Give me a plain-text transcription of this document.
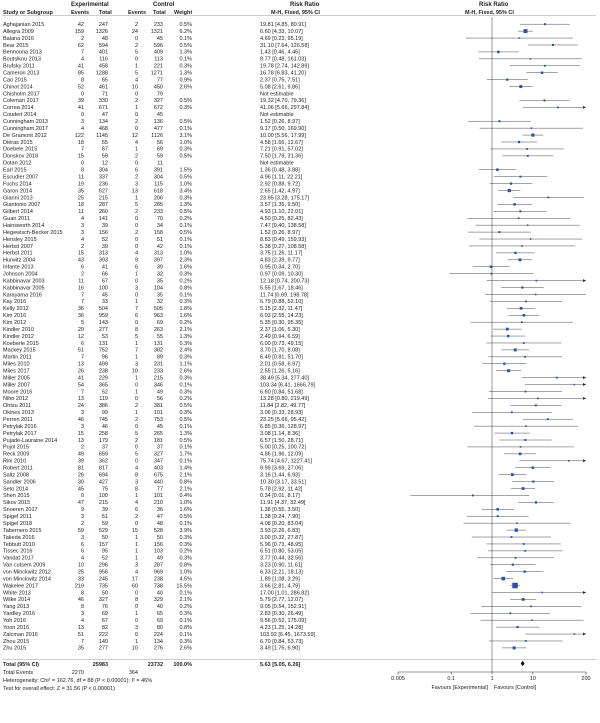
Experimental	Control	Risk Ratio	Risk Ratio
Study or Subgroup	Events Total	Events Total Weight	M-H, Fixed, 95% CI	M-H, Fixed, 95% CI
Aghajanian 2015	42	247	2	233	0.5%	19.81 [4.85, 80.91]
Allegra 2009	159 1326	24 1321	6.2%	6.60 [4.33, 10.07]
Balana 2016	2	48	0	45	0.1%	4.69 [0.23, 95.19]
Bear 2015	62	594	2	596	0.5%	31.10 [7.64, 126.58]
Bennouna 2013	7	401	5	409	1.3%	1.43 [0.46, 4.46]
Boutsikou 2013	4	116	0	113	0.1%	8.77 [0.48, 161.03]
Brufsky 2011	41	458	1	221	0.3%	19.78 [2.74, 142.89]
Cameron 2013	85 1288	5 1271	1.3%	16.78 [6.83, 41.20]
Cao 2015	8	65	4	77	0.9%	2.37 [0.75, 7.51]
Chinot 2014	52	461	10	450	2.6%	5.08 [2.61, 9.86]
Chisholm 2017	0	71	0	79	Not estimable
Coleman 2017	39	330	2	327	0.5%	19.32 [4.70, 79.36]
Correa 2014	41	671	1	672	0.3%	41.06 [5.66, 297.84]
Coudert 2014	0	47	0	45	Not estimable
Cunningham 2013	3	134	2	136	0.5%	1.52 [0.26, 8.97]
Cunningham 2017	4	468	0	477	0.1%	9.17 [0.50, 169.90]
De Gramont 2012	122 1145	12 1126	3.1%	10.00 [5.56, 17.99]
Diéras 2015	18	55	4	56	1.0%	4.58 [1.66, 12.67]
Doebele 2015	7	67	1	69	0.3%	7.21 [0.91, 57.02]
Donskov 2018	15	59	2	59	0.5%	7.50 [1.79, 31.36]
Dotan 2012	0	12	0	11	Not estimable
Earl 2015	8	304	6	391	1.5%	1.36 [0.48, 3.88]
Escudier 2007	11	337	2	304	0.5%	4.96 [1.11, 22.21]
Fuchs 2014	19	236	3	115	1.0%	2.92 [0.88, 9.72]
Garon 2014	35	627	13	618	3.4%	2.65 [1.42, 4.97]
Gianni 2013	25	215	1	206	0.3%	23.95 [3.28, 175.17]
Giantonio 2007	18	287	5	285	1.3%	3.57 [1.35, 9.50]
Gilbert 2014	11	260	2	233	0.5%	4.93 [1.10, 22.01]
Guan 2011	4	141	0	70	0.2%	4.50 [0.25, 82.43]
Hainsworth 2014	3	39	0	34	0.1%	7.47 [0.40, 138.58]
Hegewisch-Becker 2015	3	156	2	158	0.5%	1.52 [0.26, 8.97]
Hensley 2015	4	52	0	51	0.1%	8.83 [0.49, 159.93]
Herbst 2007	2	39	0	42	0.1%	5.38 [0.27, 108.58]
Herbst 2011	15	313	4	313	1.0%	3.75 [1.26, 11.17]
Hurwitz 2004	43	393	9	397	2.3%	4.83 [2.39, 9.77]
Infante 2013	6	41	6	39	1.6%	0.95 [0.34, 2.70]
Johnson 2004	2	66	1	32	0.3%	0.97 [0.09, 10.30]
Kabbinavar 2003	11	67	0	35	0.2%	12.18 [0.74, 200.73]
Kabbinavar 2005	16	100	3	104	0.8%	5.55 [1.67, 18.46]
Karayama 2016	7	45	0	35	0.1%	11.74 [0.69, 198.78]
Kay 2016	7	33	1	32	0.3%	6.79 [0.88, 52.10]
Kelly 2012	36	504	7	505	1.8%	5.15 [2.32, 11.47]
Kim 2016	36	959	6	963	1.6%	6.03 [2.55, 14.23]
Kim 2012	5	143	0	69	0.2%	5.35 [0.30, 95.35]
Kindler 2010	20	277	8	263	2.1%	2.37 [1.06, 5.30]
Kindler 2012	12	53	5	55	1.3%	2.49 [0.94, 6.59]
Koeberle 2015	6	131	1	131	0.3%	6.00 [0.73, 49.15]
Mackey 2015	51	752	7	382	2.4%	3.70 [1.70, 8.08]
Martin 2011	7	96	1	89	0.3%	6.49 [0.81, 51.70]
Miles 2010	13	499	3	231	1.1%	2.01 [0.58, 6.97]
Miles 2017	26	238	10	233	2.6%	2.55 [1.26, 5.16]
Miller 2005	41	229	1	215	0.3%	38.49 [5.34, 277.40]
Miller 2007	54	365	0	346	0.1%	103.34 [6.41, 1666.79]
Moore 2016	7	52	1	49	0.3%	6.60 [0.84, 51.68]
Niho 2012	13	119	0	56	0.2%	13.28 [0.80, 219.49]
Ohtsu 2011	24	386	2	381	0.5%	11.84 [2.82, 49.77]
Okines 2013	3	99	1	101	0.3%	3.06 [0.33, 28.93]
Perren 2011	46	745	2	753	0.5%	23.25 [5.66, 95.42]
Petrylak 2016	3	46	0	45	0.1%	6.85 [0.36, 128.97]
Petrylak 2017	15	258	5	265	1.3%	3.08 [1.14, 8.36]
Pujade-Lauraine 2014	13	179	2	181	0.5%	6.57 [1.50, 28.71]
Pujol 2015	2	37	0	37	0.1%	5.00 [0.25, 100.72]
Reck 2009	49	659	5	327	1.7%	4.86 [1.96, 12.09]
Rini 2010	39	362	0	347	0.1%	75.74 [4.67, 1227.41]
Robert 2011	81	817	4	403	1.4%	9.99 [3.69, 27.06]
Saltz 2008	26	694	8	675	2.1%	3.16 [1.44, 6.93]
Sandler 2006	30	427	3	440	0.8%	10.30 [3.17, 33.51]
Seto 2014	45	75	8	77	2.1%	5.78 [2.92, 11.42]
Shen 2015	0	100	1	101	0.4%	0.34 [0.01, 8.17]
Sikov 2015	47	215	4	210	1.0%	11.91 [4.37, 32.49]
Snoeren 2017	9	39	6	36	1.6%	1.38 [0.55, 3.50]
Spigel 2011	3	51	2	47	0.5%	1.38 [0.24, 7.90]
Spigel 2018	2	59	0	48	0.1%	4.08 [0.20, 83.04]
Tabernero 2015	59	529	15	528	3.9%	3.93 [2.26, 6.83]
Takeda 2016	3	50	1	50	0.3%	3.00 [0.32, 27.87]
Tebbutt 2010	6	157	1	156	0.3%	5.96 [0.73, 48.95]
Tissec 2016	6	95	1	103	0.2%	6.51 [0.80, 53.05]
Vandat 2017	4	52	1	49	0.3%	3.77 [0.44, 32.56]
Van cutsem 2009	10	296	3	287	0.8%	3.23 [0.90, 11.61]
von Minckwitz 2012	25	956	4	969	1.0%	6.33 [2.21, 18.13]
von Minckwitz 2014	33	245	17	238	4.5%	1.89 [1.08, 3.29]
Wakelee 2017	219	735	60	738 15.5%	3.66 [2.81, 4.79]
White 2013	8	50	0	40	0.1%	17.00 [1.01, 286.82]
Wilke 2014	46	327	8	329	2.1%	5.79 [2.77, 12.07]
Yang 2013	8	76	0	40	0.2%	9.05 [0.54, 152.91]
Yardley 2016	3	69	1	65	0.3%	2.83 [0.30, 26.49]
Yoh 2016	4	67	0	69	0.1%	9.56 [0.52, 175.09]
Yoon 2016	13	82	3	80	0.8%	4.23 [1.25, 14.28]
Zalcman 2016	51	222	0	224	0.1%	103.92 [6.45, 1673.59]
Zhou 2015	7	140	1	134	0.3%	6.70 [0.84, 53.73]
Zhu 2015	35	277	10	276	2.6%	3.49 [1.76, 6.90]
0.005	0.1	1	10	200
Total (95% CI)	25983	23732 100.0%	5.63 [5.05, 6.26]
Total Events	2270	364
Heterogeneity: Chi² = 162.76, df = 88 (P < 0.00001); I² = 46%
Test for overall effect: Z = 31.56 (P < 0.00001)	Favours [Experimental] Favours [Control]
